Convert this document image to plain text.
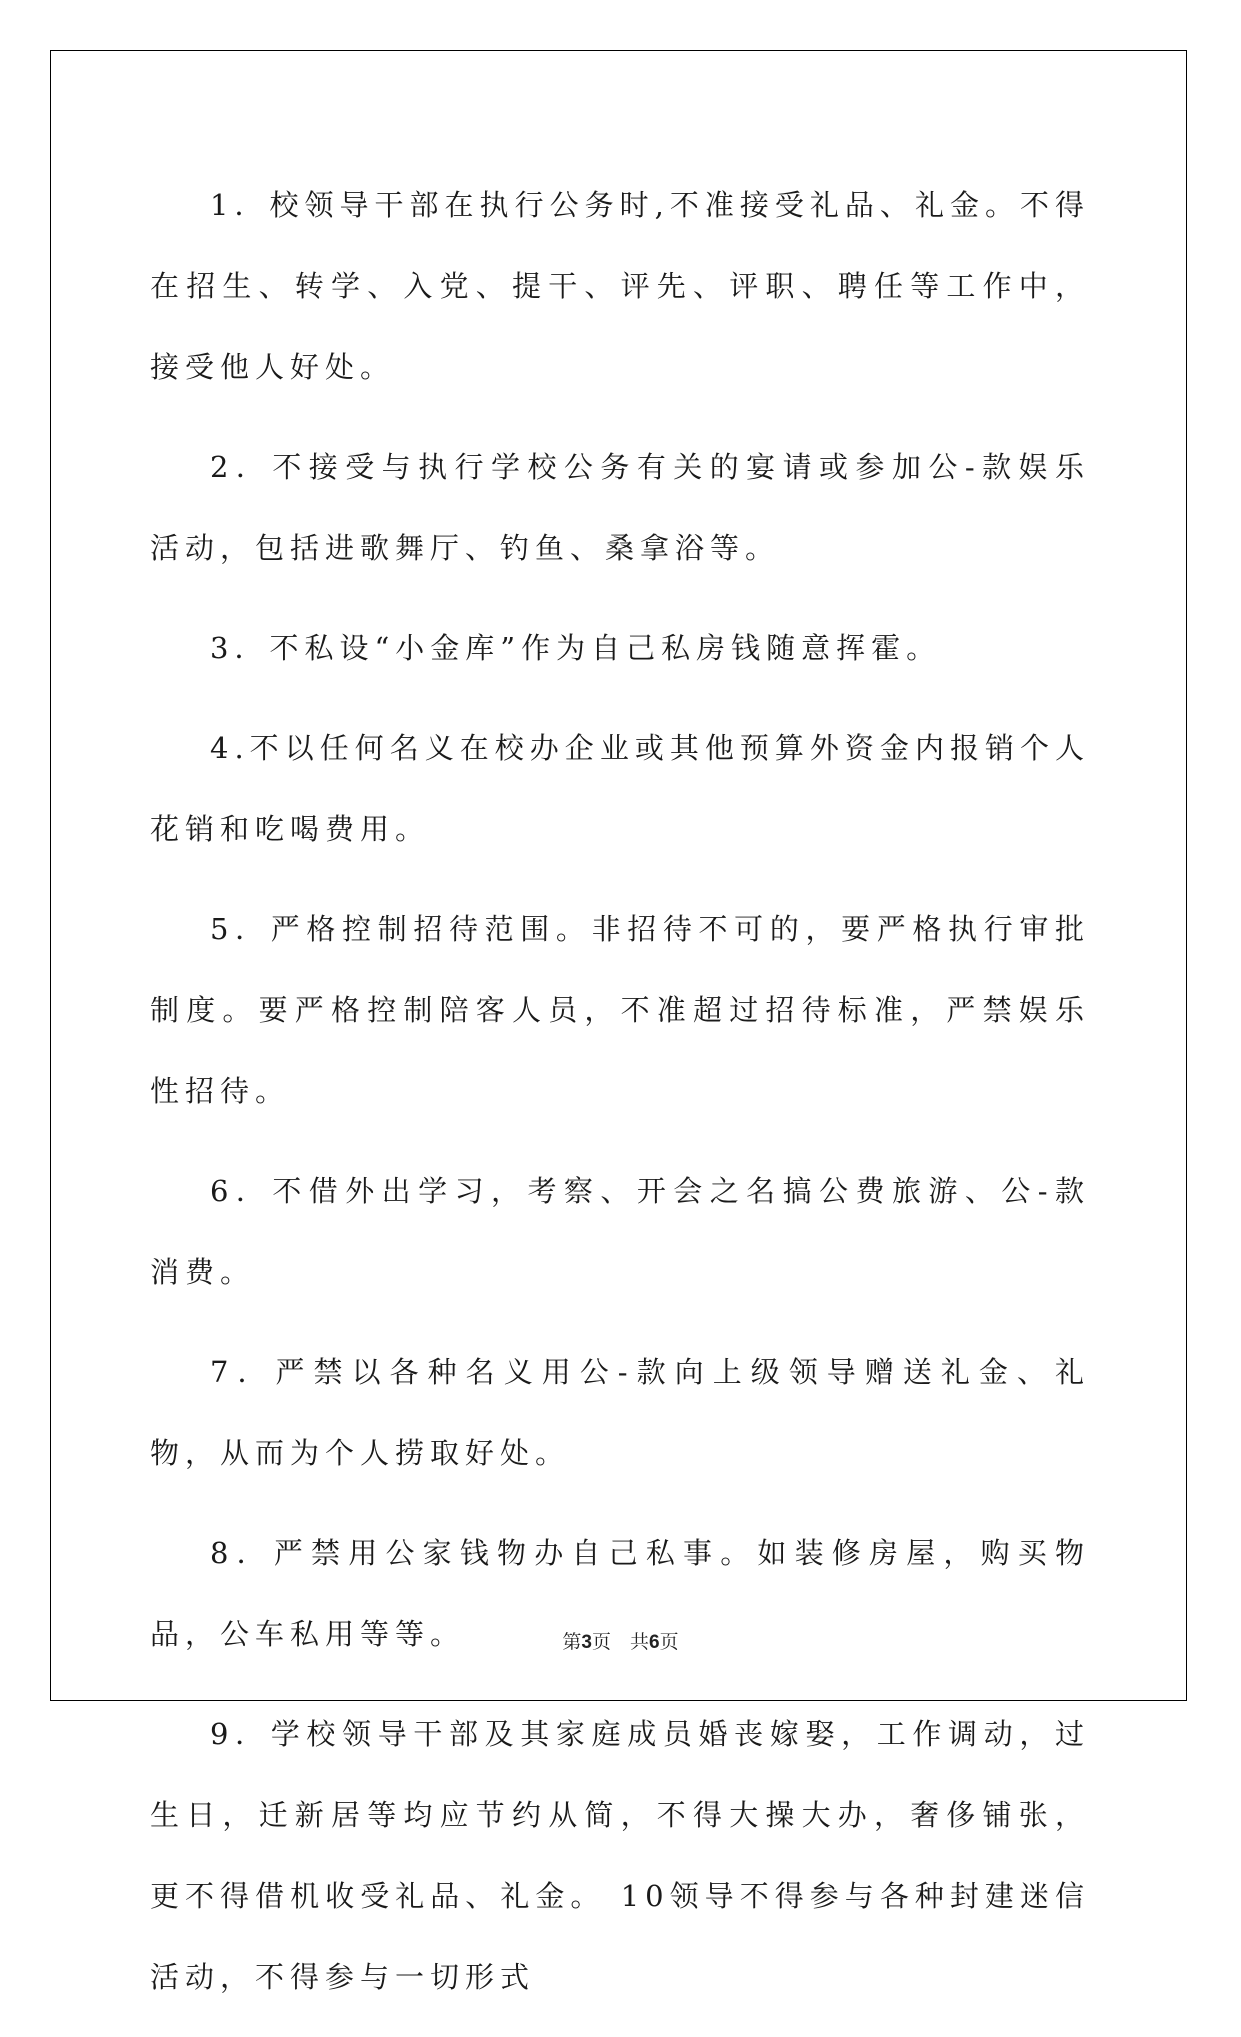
1．校领导干部在执行公务时,不准接受礼品、礼金。不得在招生、转学、入党、提干、评先、评职、聘任等工作中，接受他人好处。

2．不接受与执行学校公务有关的宴请或参加公-款娱乐活动，包括进歌舞厅、钓鱼、桑拿浴等。

3．不私设“小金库”作为自己私房钱随意挥霍。

4.不以任何名义在校办企业或其他预算外资金内报销个人花销和吃喝费用。

5．严格控制招待范围。非招待不可的，要严格执行审批制度。要严格控制陪客人员，不准超过招待标准，严禁娱乐性招待。

6．不借外出学习，考察、开会之名搞公费旅游、公-款消费。

7．严禁以各种名义用公-款向上级领导赠送礼金、礼物，从而为个人捞取好处。

8．严禁用公家钱物办自己私事。如装修房屋，购买物品，公车私用等等。

9．学校领导干部及其家庭成员婚丧嫁娶，工作调动，过生日，迁新居等均应节约从简，不得大操大办，奢侈铺张，更不得借机收受礼品、礼金。 10领导不得参与各种封建迷信活动，不得参与一切形式

第3页　共6页
